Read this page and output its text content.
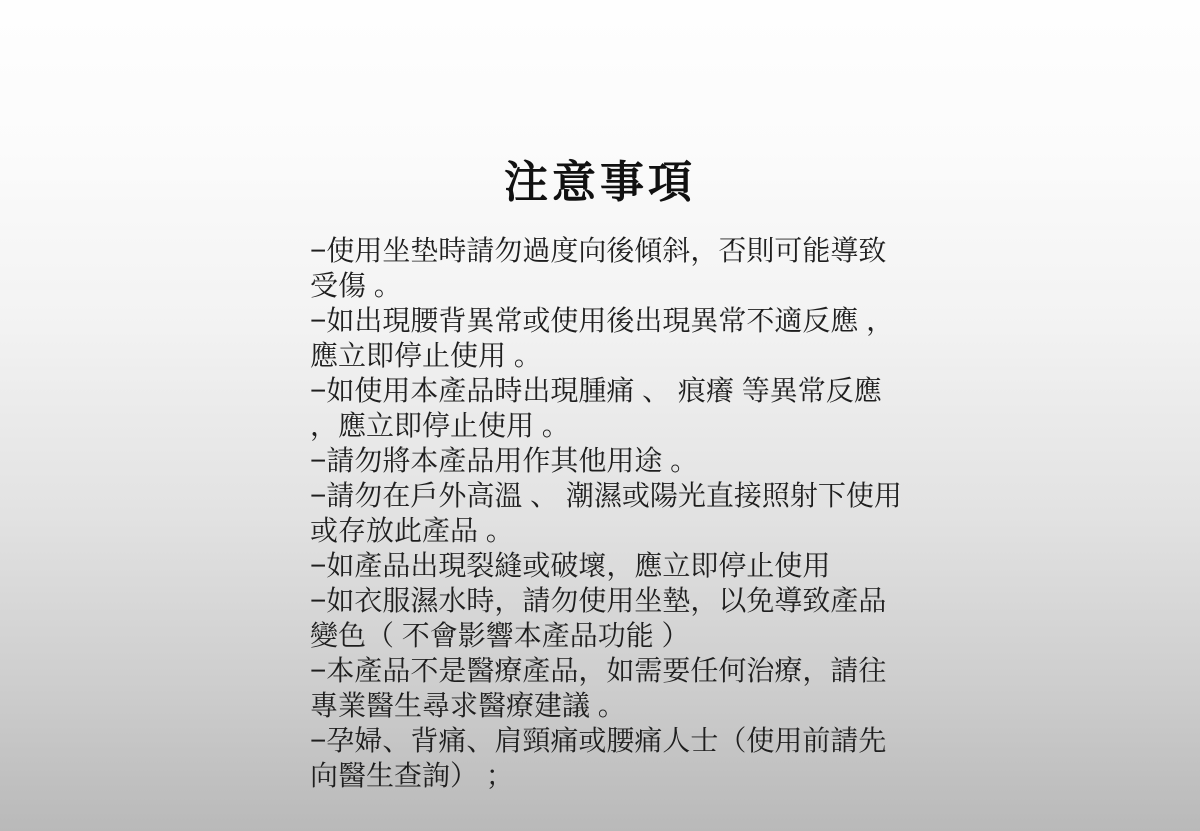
注意事項

−使用坐垫時請勿過度向後傾斜，否則可能導致受傷 。

−如出現腰背異常或使用後出現異常不適反應 ，應立即停止使用 。

−如使用本產品時出現腫痛 、 痕癢 等異常反應 ，應立即停止使用 。

−請勿將本產品用作其他用途 。

−請勿在戶外高溫 、 潮濕或陽光直接照射下使用或存放此產品 。

−如產品出現裂縫或破壞，應立即停止使用

−如衣服濕水時，請勿使用坐墊，以免導致產品變色（ 不會影響本產品功能 ）

−本產品不是醫療產品，如需要任何治療，請往專業醫生尋求醫療建議 。

−孕婦、背痛、肩頸痛或腰痛人士（使用前請先向醫生查詢） ；
